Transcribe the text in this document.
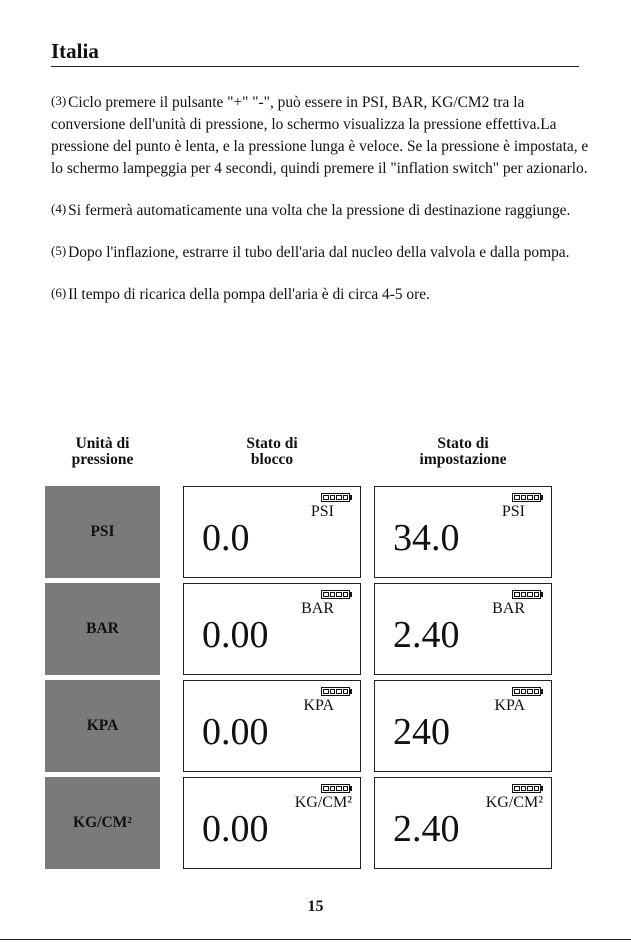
Italia

(3) Ciclo premere il pulsante "+" "-", può essere in PSI, BAR, KG/CM2 tra la conversione dell'unità di pressione, lo schermo visualizza la pressione effettiva.La pressione del punto è lenta, e la pressione lunga è veloce. Se la pressione è impostata, e lo schermo lampeggia per 4 secondi, quindi premere il "inflation switch" per azionarlo.

(4) Si fermerà automaticamente una volta che la pressione di destinazione raggiunge.

(5) Dopo l'inflazione, estrarre il tubo dell'aria dal nucleo della valvola e dalla pompa.

(6) Il tempo di ricarica della pompa dell'aria è di circa 4-5 ore.

Unità di
pressione
Stato di
blocco
Stato di
impostazione
PSI
PSI
0.0
PSI
34.0
BAR
BAR
0.00
BAR
2.40
KPA
KPA
0.00
KPA
240
KG/CM²
KG/CM²
0.00
KG/CM²
2.40
15
